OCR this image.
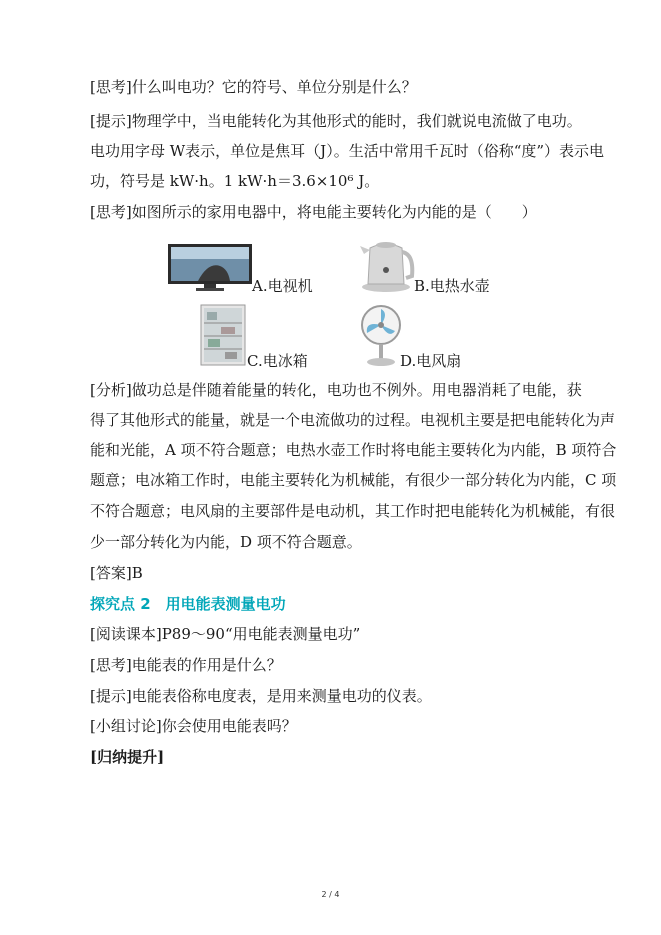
[思考]什么叫电功？它的符号、单位分别是什么？
[提示]物理学中，当电能转化为其他形式的能时，我们就说电流做了电功。
电功用字母 W表示，单位是焦耳（J）。生活中常用千瓦时（俗称“度”）表示电
功，符号是 kW·h。1 kW·h＝3.6×10⁶ J。
[思考]如图所示的家用电器中，将电能主要转化为内能的是（　　）
A.电视机	B.电热水壶
C.电冰箱	D.电风扇
[分析]做功总是伴随着能量的转化，电功也不例外。用电器消耗了电能，获
得了其他形式的能量，就是一个电流做功的过程。电视机主要是把电能转化为声
能和光能，A 项不符合题意；电热水壶工作时将电能主要转化为内能，B 项符合
题意；电冰箱工作时，电能主要转化为机械能，有很少一部分转化为内能，C 项
不符合题意；电风扇的主要部件是电动机，其工作时把电能转化为机械能，有很
少一部分转化为内能，D 项不符合题意。
[答案]B
探究点 2　用电能表测量电功
[阅读课本]P89～90“用电能表测量电功”
[思考]电能表的作用是什么？
[提示]电能表俗称电度表，是用来测量电功的仪表。
[小组讨论]你会使用电能表吗？
[归纳提升]
2 / 4
